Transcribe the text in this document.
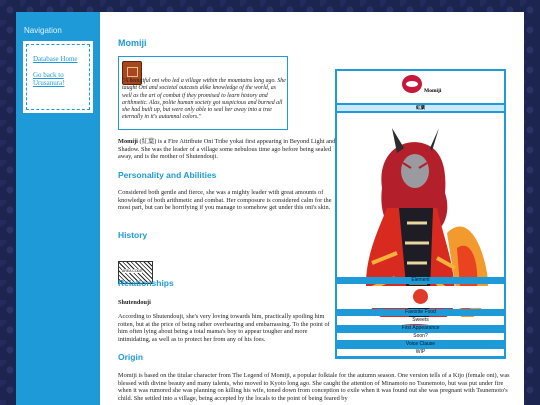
Navigation
Database Home
Go back to Urusanura!
Momiji
"A beautiful oni who led a village within the mountains long ago. She taught Oni and societal outcasts alike knowledge of the world, as well as the art of combat if they promised to learn history and arithmetic. Alas, polite human society got suspicious and burned all she had built up, but were only able to seal her away into a tree eternally in it's autumnal colors."

Momiji (紅葉) is a Fire Attribute Oni Tribe yokai first appearing in Beyond Light and Shadow. She was the leader of a village some nebulous time ago before being sealed away, and is the mother of Shutendouji.

Personality and Abilities

Considered both gentle and fierce, she was a mighty leader with great amounts of knowledge of both arithmetic and combat. Her composure is considered calm for the most part, but can be horrifying if you manage to somehow get under this oni's skin.

History
AREA CODE
Relationships

Shutendouji

According to Shutendouji, she's very loving towards him, practically spoiling him rotten, but at the price of being rather overbearing and embarrassing. To the point of him often lying about being a total mama's boy to appear tougher and more intimidating, as well as to protect her from any of his foes.

Origin

Momiji is based on the titular character from The Legend of Momiji, a popular folktale for the autumn season. One version tells of a Kijo (female oni), was blessed with divine beauty and many talents, who moved to Kyoto long ago. She caught the attention of Minamoto no Tsunemoto, but was put under fire when it was rumored she was planning on killing his wife, toned down from conception to exile when it was found out she was pregnant with Tsunemoto's child. She settled into a village, being accepted by the locals to the point of being feared by

Momiji
紅葉
Element
Favorite Food
Sweets
First Appearance
Soon?
Voice Clause
WIP
